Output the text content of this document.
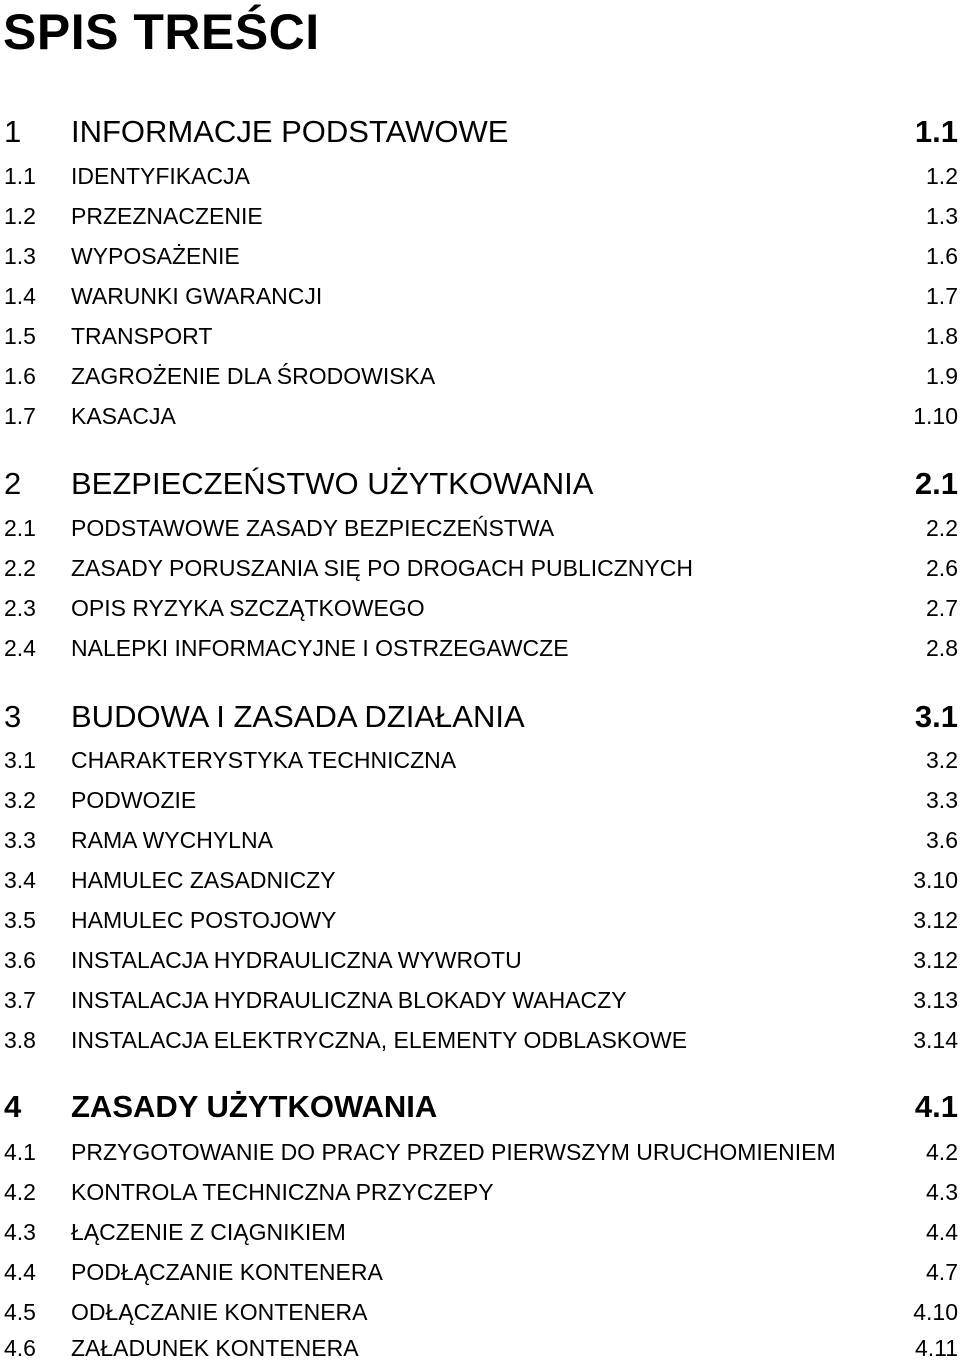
SPIS TREŚCI
1 INFORMACJE PODSTAWOWE	1.1
1.1 IDENTYFIKACJA	1.2
1.2 PRZEZNACZENIE	1.3
1.3 WYPOSAŻENIE	1.6
1.4 WARUNKI GWARANCJI	1.7
1.5 TRANSPORT	1.8
1.6 ZAGROŻENIE DLA ŚRODOWISKA	1.9
1.7 KASACJA	1.10
2 BEZPIECZEŃSTWO UŻYTKOWANIA	2.1
2.1 PODSTAWOWE ZASADY BEZPIECZEŃSTWA	2.2
2.2 ZASADY PORUSZANIA SIĘ PO DROGACH PUBLICZNYCH	2.6
2.3 OPIS RYZYKA SZCZĄTKOWEGO	2.7
2.4 NALEPKI INFORMACYJNE I OSTRZEGAWCZE	2.8
3 BUDOWA I ZASADA DZIAŁANIA	3.1
3.1 CHARAKTERYSTYKA TECHNICZNA	3.2
3.2 PODWOZIE	3.3
3.3 RAMA WYCHYLNA	3.6
3.4 HAMULEC ZASADNICZY	3.10
3.5 HAMULEC POSTOJOWY	3.12
3.6 INSTALACJA HYDRAULICZNA WYWROTU	3.12
3.7 INSTALACJA HYDRAULICZNA BLOKADY WAHACZY	3.13
3.8 INSTALACJA ELEKTRYCZNA, ELEMENTY ODBLASKOWE	3.14
4 ZASADY UŻYTKOWANIA	4.1
4.1 PRZYGOTOWANIE DO PRACY PRZED PIERWSZYM URUCHOMIENIEM	4.2
4.2 KONTROLA TECHNICZNA PRZYCZEPY	4.3
4.3 ŁĄCZENIE Z CIĄGNIKIEM	4.4
4.4 PODŁĄCZANIE KONTENERA	4.7
4.5 ODŁĄCZANIE KONTENERA	4.10
4.6 ZAŁADUNEK KONTENERA	4.11
